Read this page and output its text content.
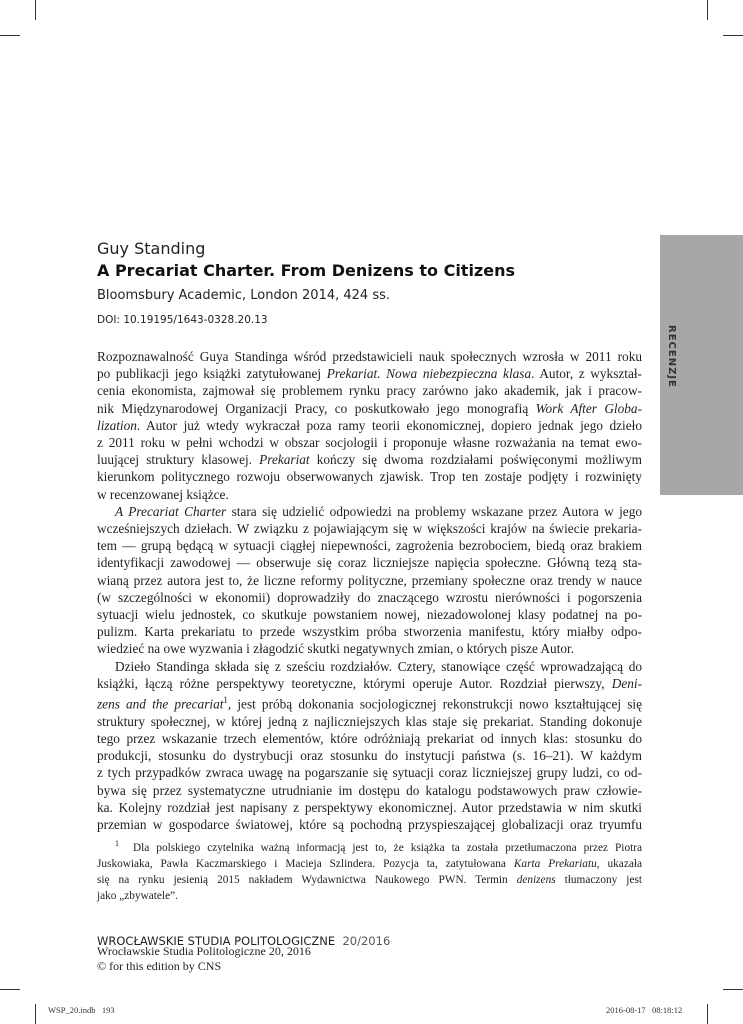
RECENZJE
Guy Standing
A Precariat Charter. From Denizens to Citizens
Bloomsbury Academic, London 2014, 424 ss.
DOI: 10.19195/1643-0328.20.13

Rozpoznawalność Guya Standinga wśród przedstawicieli nauk społecznych wzrosła w 2011 roku
po publikacji jego książki zatytułowanej Prekariat. Nowa niebezpieczna klasa. Autor, z wykształ-
cenia ekonomista, zajmował się problemem rynku pracy zarówno jako akademik, jak i pracow-
nik Międzynarodowej Organizacji Pracy, co poskutkowało jego monografią Work After Globa-
lization. Autor już wtedy wykraczał poza ramy teorii ekonomicznej, dopiero jednak jego dzieło
z 2011 roku w pełni wchodzi w obszar socjologii i proponuje własne rozważania na temat ewo-
luującej struktury klasowej. Prekariat kończy się dwoma rozdziałami poświęconymi możliwym
kierunkom politycznego rozwoju obserwowanych zjawisk. Trop ten zostaje podjęty i rozwinięty
w recenzowanej książce.

A Precariat Charter stara się udzielić odpowiedzi na problemy wskazane przez Autora w jego
wcześniejszych dziełach. W związku z pojawiającym się w większości krajów na świecie prekaria-
tem — grupą będącą w sytuacji ciągłej niepewności, zagrożenia bezrobociem, biedą oraz brakiem
identyfikacji zawodowej — obserwuje się coraz liczniejsze napięcia społeczne. Główną tezą sta-
wianą przez autora jest to, że liczne reformy polityczne, przemiany społeczne oraz trendy w nauce
(w szczególności w ekonomii) doprowadziły do znaczącego wzrostu nierówności i pogorszenia
sytuacji wielu jednostek, co skutkuje powstaniem nowej, niezadowolonej klasy podatnej na po-
pulizm. Karta prekariatu to przede wszystkim próba stworzenia manifestu, który miałby odpo-
wiedzieć na owe wyzwania i złagodzić skutki negatywnych zmian, o których pisze Autor.

Dzieło Standinga składa się z sześciu rozdziałów. Cztery, stanowiące część wprowadzającą do
książki, łączą różne perspektywy teoretyczne, którymi operuje Autor. Rozdział pierwszy, Deni-
zens and the precariat$^1$, jest próbą dokonania socjologicznej rekonstrukcji nowo kształtującej się
struktury społecznej, w której jedną z najliczniejszych klas staje się prekariat. Standing dokonuje
tego przez wskazanie trzech elementów, które odróżniają prekariat od innych klas: stosunku do
produkcji, stosunku do dystrybucji oraz stosunku do instytucji państwa (s. 16–21). W każdym
z tych przypadków zwraca uwagę na pogarszanie się sytuacji coraz liczniejszej grupy ludzi, co od-
bywa się przez systematyczne utrudnianie im dostępu do katalogu podstawowych praw człowie-
ka. Kolejny rozdział jest napisany z perspektywy ekonomicznej. Autor przedstawia w nim skutki
przemian w gospodarce światowej, które są pochodną przyspieszającej globalizacji oraz tryumfu

$^1$ Dla polskiego czytelnika ważną informacją jest to, że książka ta została przetłumaczona przez Piotra
Juskowiaka, Pawła Kaczmarskiego i Macieja Szlindera. Pozycja ta, zatytułowana Karta Prekariatu, ukazała
się na rynku jesienią 2015 nakładem Wydawnictwa Naukowego PWN. Termin denizens tłumaczony jest
jako „zbywatele”.
WROCŁAWSKIE STUDIA POLITOLOGICZNE 20/2016
Wrocławskie Studia Politologiczne 20, 2016
© for this edition by CNS
WSP_20.indb   193	2016-08-17   08:18:12
